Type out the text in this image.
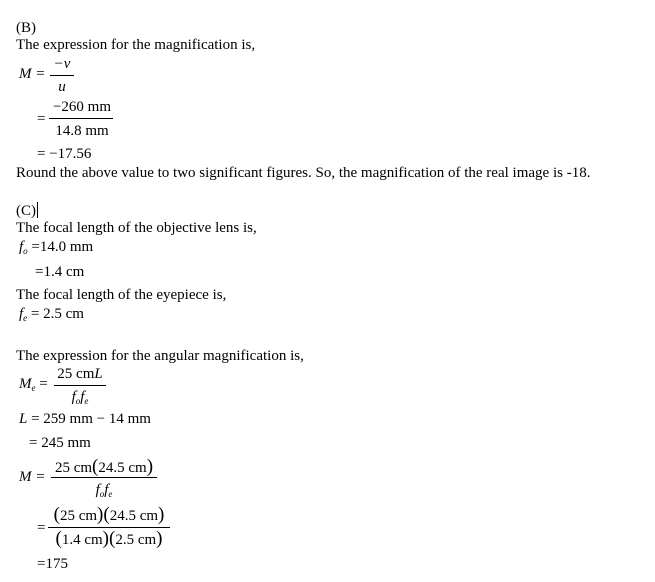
(B)
The expression for the magnification is,
M =
−v
u
=
−260 mm
14.8 mm
= −17.56
Round the above value to two significant figures. So, the magnification of the real image is -18.
(C)
The focal length of the objective lens is,
$f_o =14.0$ mm
=1.4 cm
The focal length of the eyepiece is,
$f_e = 2.5$ cm
The expression for the angular magnification is,
$M_e$ =
25 cmL
$f_of_e$
L = 259 mm − 14 mm
= 245 mm
M =
25 cm(24.5 cm)
$f_of_e$
=
(25 cm)(24.5 cm)
(1.4 cm)(2.5 cm)
=175
